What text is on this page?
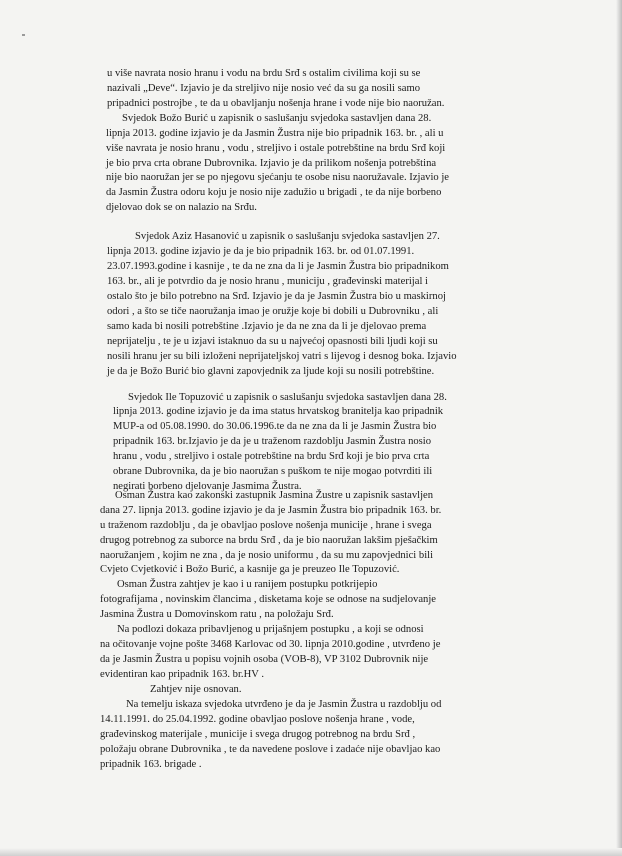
u više navrata nosio hranu i vodu na brdu Srđ s ostalim civilima koji su se
nazivali „Deve“. Izjavio je da streljivo nije nosio već da su ga nosili samo
pripadnici postrojbe , te da u obavljanju nošenja hrane i vode nije bio naoružan.
Svjedok Božo Burić u zapisnik o saslušanju svjedoka sastavljen dana 28.
lipnja 2013. godine izjavio je da Jasmin Žustra nije bio pripadnik 163. br. , ali u
više navrata je nosio hranu , vodu , streljivo i ostale potrebštine na brdu Srđ koji
je bio prva crta obrane Dubrovnika. Izjavio je da prilikom nošenja potrebština
nije bio naoružan jer se po njegovu sjećanju te osobe nisu naoružavale. Izjavio je
da Jasmin Žustra odoru koju je nosio nije zadužio u brigadi , te da nije borbeno
djelovao dok se on nalazio na Srđu.
Svjedok Aziz Hasanović u zapisnik o saslušanju svjedoka sastavljen 27.
lipnja 2013. godine izjavio je da je bio pripadnik 163. br. od 01.07.1991.
23.07.1993.godine i kasnije , te da ne zna da li je Jasmin Žustra bio pripadnikom
163. br., ali je potvrdio da je nosio hranu , municiju , građevinski materijal i
ostalo što je bilo potrebno na Srđ. Izjavio je da je Jasmin Žustra bio u maskirnoj
odori , a što se tiče naoružanja imao je oružje koje bi dobili u Dubrovniku , ali
samo kada bi nosili potrebštine .Izjavio je da ne zna da li je djelovao prema
neprijatelju , te je u izjavi istaknuo da su u najvećoj opasnosti bili ljudi koji su
nosili hranu jer su bili izloženi neprijateljskoj vatri s lijevog i desnog boka. Izjavio
je da je Božo Burić bio glavni zapovjednik za ljude koji su nosili potrebštine.
Svjedok Ile Topuzović u zapisnik o saslušanju svjedoka sastavljen dana 28.
lipnja 2013. godine izjavio je da ima status hrvatskog branitelja kao pripadnik
MUP-a od 05.08.1990. do 30.06.1996.te da ne zna da li je Jasmin Žustra bio
pripadnik 163. br.Izjavio je da je u traženom razdoblju Jasmin Žustra nosio
hranu , vodu , streljivo i ostale potrebštine na brdu Srđ koji je bio prva crta
obrane Dubrovnika, da je bio naoružan s puškom te nije mogao potvrditi ili
negirati borbeno djelovanje Jasmima Žustra.
Osman Žustra kao zakonski zastupnik Jasmina Žustre u zapisnik sastavljen
dana 27. lipnja 2013. godine izjavio je da je Jasmin Žustra bio pripadnik 163. br.
u traženom razdoblju , da je obavljao poslove nošenja municije , hrane i svega
drugog potrebnog za suborce na brdu Srđ , da je bio naoružan lakšim pješačkim
naoružanjem , kojim ne zna , da je nosio uniformu , da su mu zapovjednici bili
Cvjeto Cvjetković i Božo Burić, a kasnije ga je preuzeo Ile Topuzović.
Osman Žustra zahtjev je kao i u ranijem postupku potkrijepio
fotografijama , novinskim člancima , disketama koje se odnose na sudjelovanje
Jasmina Žustra u Domovinskom ratu , na položaju Srđ.
Na podlozi dokaza pribavljenog u prijašnjem postupku , a koji se odnosi
na očitovanje vojne pošte 3468 Karlovac od 30. lipnja 2010.godine , utvrđeno je
da je Jasmin Žustra u popisu vojnih osoba (VOB-8), VP 3102 Dubrovnik nije
evidentiran kao pripadnik 163. br.HV .
Zahtjev nije osnovan.
Na temelju iskaza svjedoka utvrđeno je da je Jasmin Žustra u razdoblju od
14.11.1991. do 25.04.1992. godine obavljao poslove nošenja hrane , vode,
građevinskog materijale , municije i svega drugog potrebnog na brdu Srđ ,
položaju obrane Dubrovnika , te da navedene poslove i zadaće nije obavljao kao
pripadnik 163. brigade .
